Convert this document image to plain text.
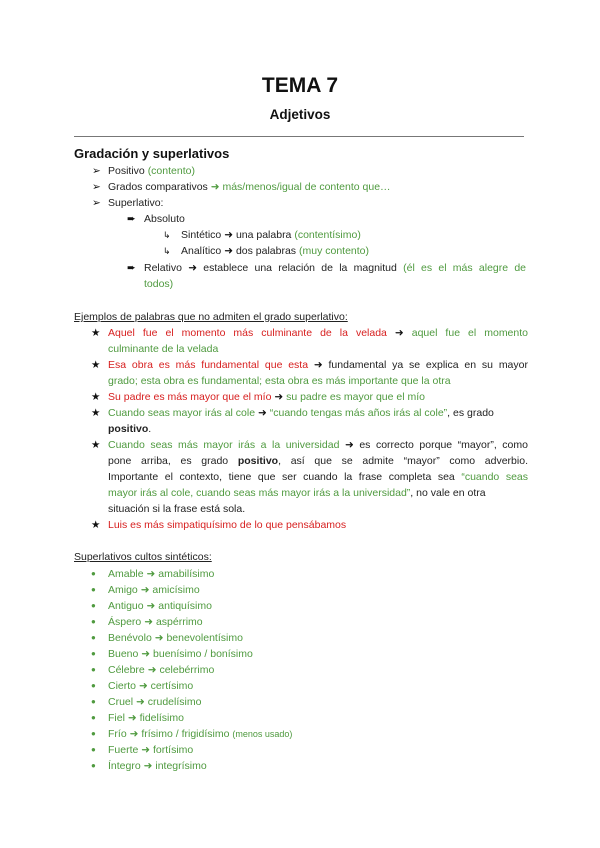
TEMA 7
Adjetivos
Gradación y superlativos
➢ Positivo (contento)
➢ Grados comparativos ➜ más/menos/igual de contento que…
➢ Superlativo:
➨ Absoluto
↳ Sintético ➜ una palabra (contentísimo)
↳ Analítico ➜ dos palabras (muy contento)
➨ Relativo ➜ establece una relación de la magnitud (él es el más alegre de
todos)
Ejemplos de palabras que no admiten el grado superlativo:
★ Aquel fue el momento más culminante de la velada ➜ aquel fue el momento
culminante de la velada
★ Esa obra es más fundamental que esta ➜ fundamental ya se explica en su mayor
grado; esta obra es fundamental; esta obra es más importante que la otra
★ Su padre es más mayor que el mío ➜ su padre es mayor que el mío
★ Cuando seas mayor irás al cole ➜ “cuando tengas más años irás al cole”, es grado
positivo.
★ Cuando seas más mayor irás a la universidad ➜ es correcto porque “mayor”, como
pone arriba, es grado positivo, así que se admite “mayor” como adverbio.
Importante el contexto, tiene que ser cuando la frase completa sea “cuando seas
mayor irás al cole, cuando seas más mayor irás a la universidad”, no vale en otra
situación si la frase está sola.
★ Luis es más simpatiquísimo de lo que pensábamos
Superlativos cultos sintéticos:
● Amable ➜ amabilísimo
● Amigo ➜ amicísimo
● Antiguo ➜ antiquísimo
● Áspero ➜ aspérrimo
● Benévolo ➜ benevolentísimo
● Bueno ➜ buenísimo / bonísimo
● Célebre ➜ celebérrimo
● Cierto ➜ certísimo
● Cruel ➜ crudelísimo
● Fiel ➜ fidelísimo
● Frío ➜ frísimo / frigidísimo (menos usado)
● Fuerte ➜ fortísimo
● Íntegro ➜ integrísimo
